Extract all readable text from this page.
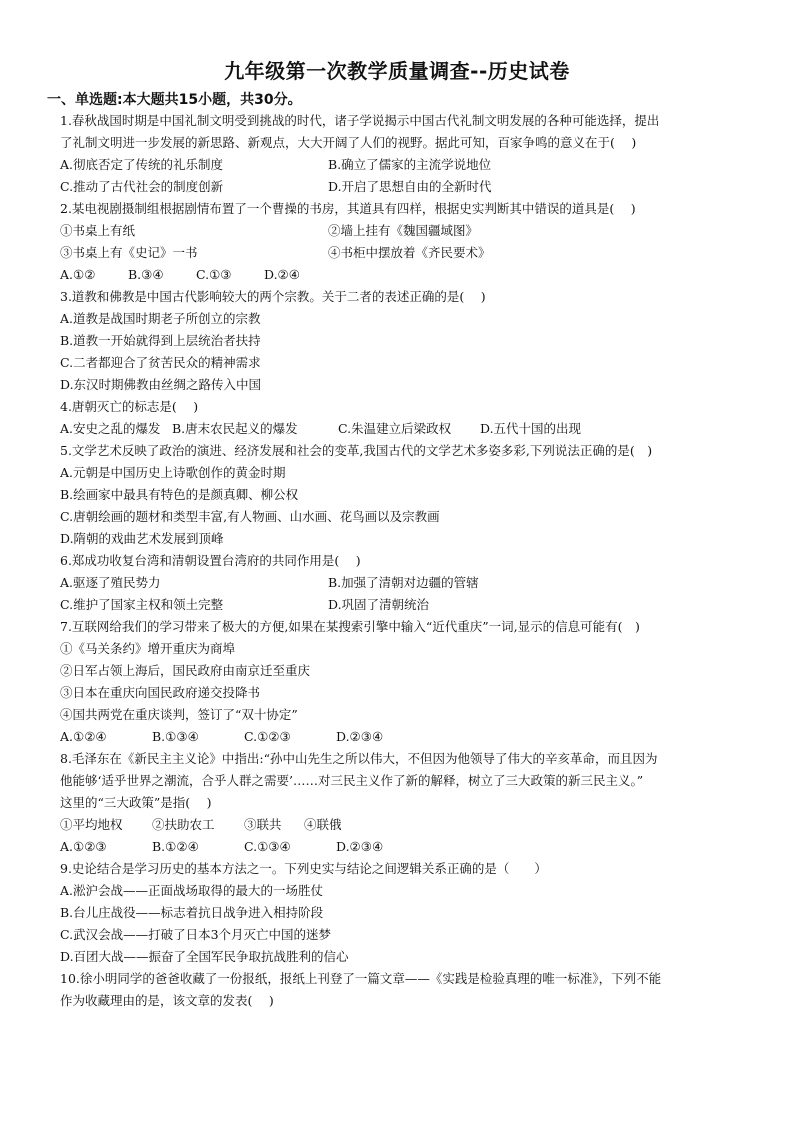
九年级第一次教学质量调查--历史试卷
一、单选题:本大题共15小题，共30分。
1.春秋战国时期是中国礼制文明受到挑战的时代，诸子学说揭示中国古代礼制文明发展的各种可能选择，提出
了礼制文明进一步发展的新思路、新观点，大大开阔了人们的视野。据此可知，百家争鸣的意义在于(　 )
A.彻底否定了传统的礼乐制度	B.确立了儒家的主流学说地位
C.推动了古代社会的制度创新	D.开启了思想自由的全新时代
2.某电视剧摄制组根据剧情布置了一个曹操的书房，其道具有四样，根据史实判断其中错误的道具是(　 )
①书桌上有纸	②墙上挂有《魏国疆域图》
③书桌上有《史记》一书	④书柜中摆放着《齐民要术》
A.①②	B.③④	C.①③	D.②④
3.道教和佛教是中国古代影响较大的两个宗教。关于二者的表述正确的是(　 )
A.道教是战国时期老子所创立的宗教
B.道教一开始就得到上层统治者扶持
C.二者都迎合了贫苦民众的精神需求
D.东汉时期佛教由丝绸之路传入中国
4.唐朝灭亡的标志是(　 )
A.安史之乱的爆发 B.唐末农民起义的爆发	C.朱温建立后梁政权	D.五代十国的出现
5.文学艺术反映了政治的演进、经济发展和社会的变革,我国古代的文学艺术多姿多彩,下列说法正确的是(　)
A.元朝是中国历史上诗歌创作的黄金时期
B.绘画家中最具有特色的是颜真卿、柳公权
C.唐朝绘画的题材和类型丰富,有人物画、山水画、花鸟画以及宗教画
D.隋朝的戏曲艺术发展到顶峰
6.郑成功收复台湾和清朝设置台湾府的共同作用是(　 )
A.驱逐了殖民势力	B.加强了清朝对边疆的管辖
C.维护了国家主权和领土完整	D.巩固了清朝统治
7.互联网给我们的学习带来了极大的方便,如果在某搜索引擎中输入“近代重庆”一词,显示的信息可能有(　)
①《马关条约》增开重庆为商埠
②日军占领上海后，国民政府由南京迁至重庆
③日本在重庆向国民政府递交投降书
④国共两党在重庆谈判，签订了“双十协定”
A.①②④	B.①③④	C.①②③	D.②③④
8.毛泽东在《新民主主义论》中指出:“孙中山先生之所以伟大，不但因为他领导了伟大的辛亥革命，而且因为
他能够‘适乎世界之潮流，合乎人群之需要’……对三民主义作了新的解释，树立了三大政策的新三民主义。”
这里的“三大政策”是指(　 )
①平均地权	②扶助农工	③联共	④联俄
A.①②③	B.①②④	C.①③④	D.②③④
9.史论结合是学习历史的基本方法之一。下列史实与结论之间逻辑关系正确的是（　　）
A.淞沪会战——正面战场取得的最大的一场胜仗
B.台儿庄战役——标志着抗日战争进入相持阶段
C.武汉会战——打破了日本3个月灭亡中国的迷梦
D.百团大战——振奋了全国军民争取抗战胜利的信心
10.徐小明同学的爸爸收藏了一份报纸，报纸上刊登了一篇文章——《实践是检验真理的唯一标准》，下列不能
作为收藏理由的是，该文章的发表(　 )
